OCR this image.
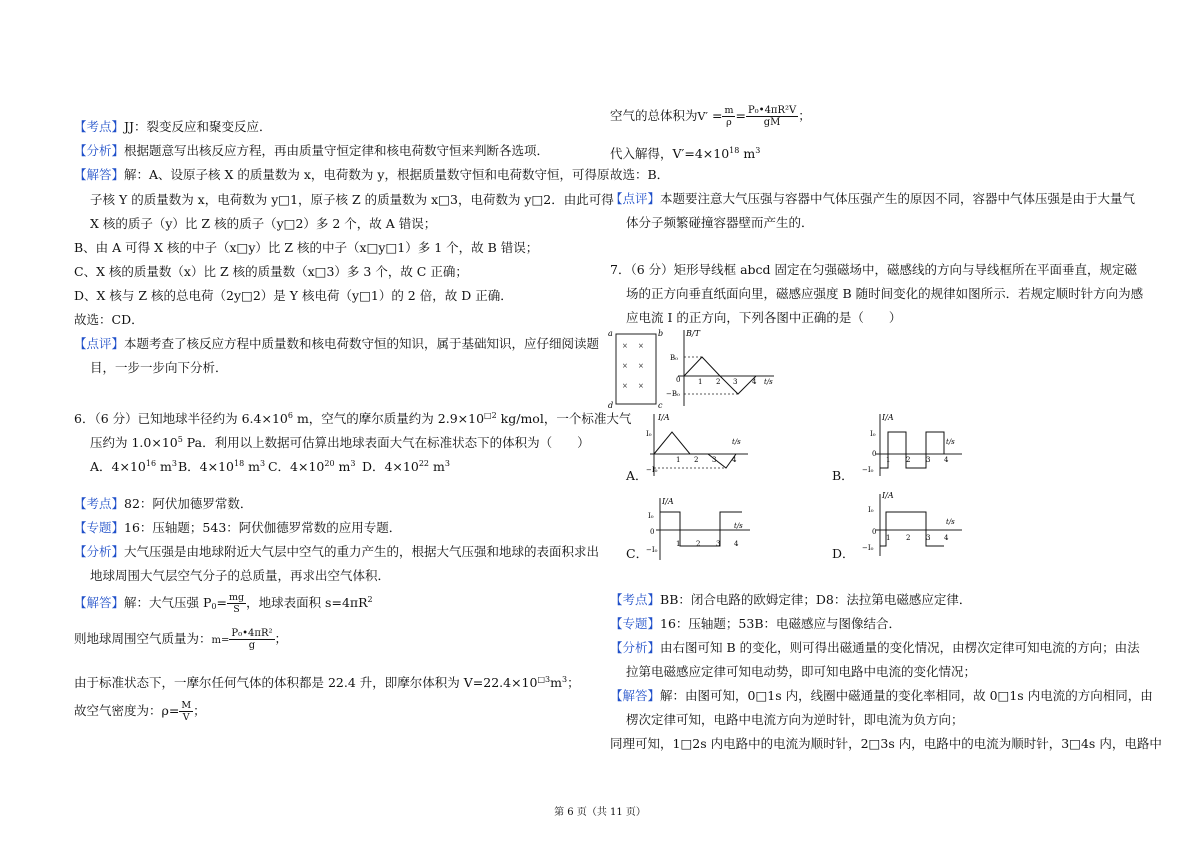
【考点】JJ：裂变反应和聚变反应．
【分析】根据题意写出核反应方程，再由质量守恒定律和核电荷数守恒来判断各选项．
【解答】解：A、设原子核 X 的质量数为 x，电荷数为 y，根据质量数守恒和电荷数守恒，可得原
子核 Y 的质量数为 x，电荷数为 y□1，原子核 Z 的质量数为 x□3，电荷数为 y□2．由此可得
X 核的质子（y）比 Z 核的质子（y□2）多 2 个，故 A 错误；
B、由 A 可得 X 核的中子（x□y）比 Z 核的中子（x□y□1）多 1 个，故 B 错误；
C、X 核的质量数（x）比 Z 核的质量数（x□3）多 3 个，故 C 正确；
D、X 核与 Z 核的总电荷（2y□2）是 Y 核电荷（y□1）的 2 倍，故 D 正确．
故选：CD．
【点评】本题考查了核反应方程中质量数和核电荷数守恒的知识，属于基础知识，应仔细阅读题
目，一步一步向下分析．
6．（6 分）已知地球半径约为 $6.4\times 10^6$ m，空气的摩尔质量约为 $2.9\times 10^{□2}$ kg/mol，一个标准大气
压约为 $1.0\times 10^5$ Pa．利用以上数据可估算出地球表面大气在标准状态下的体积为（　　）
A．$4\times 10^{16}$ $m^3$ B．$4\times 10^{18}$ $m^3$ C．$4\times 10^{20}$ $m^3$ D．$4\times 10^{22}$ $m^3$
【考点】82：阿伏加德罗常数．
【专题】16：压轴题；543：阿伏伽德罗常数的应用专题．
【分析】大气压强是由地球附近大气层中空气的重力产生的，根据大气压强和地球的表面积求出
地球周围大气层空气分子的总质量，再求出空气体积．
【解答】解：大气压强 $P0= \frac{mg}{S}$ ，地球表面积 $s=4\pi R^2$
则地球周围空气质量为：$m= \frac{\text{P₀•4πR²}}{g}$ ；
由于标准状态下，一摩尔任何气体的体积都是 22.4 升，即摩尔体积为 $V=22.4\times 10^{□3}m^3$；
故空气密度为：$\rho= \frac{M}{V}$ ；
空气的总体积为$V' = \frac{m}{\rho} = \frac{\text{P₀•4πR²V}}{gM}$ ；
代入解得，$V'=4\times 10^{18}$ $m^3$
故选：B．
【点评】本题要注意大气压强与容器中气体压强产生的原因不同，容器中气体压强是由于大量气
体分子频繁碰撞容器壁而产生的．
7．（6 分）矩形导线框 abcd 固定在匀强磁场中，磁感线的方向与导线框所在平面垂直，规定磁
场的正方向垂直纸面向里，磁感应强度 B 随时间变化的规律如图所示．若规定顺时针方向为感
应电流 I 的正方向，下列各图中正确的是（　　）
a	b
c
d
× ×
× ×
× ×
B/T
B₀
0
−B₀
t/s
1 2 3 4
I/A
t/s
I₀
−I₀
1 2 3 4
A．
I/A
t/s
I₀
0
−I₀
1 2 3 4
B．
I/A
t/s
I₀
0
−I₀
1 2 3 4
C．
I/A
t/s
I₀
0
−I₀
1 2 3 4
D．
【考点】BB：闭合电路的欧姆定律；D8：法拉第电磁感应定律．
【专题】16：压轴题；53B：电磁感应与图像结合．
【分析】由右图可知 B 的变化，则可得出磁通量的变化情况，由楞次定律可知电流的方向；由法
拉第电磁感应定律可知电动势，即可知电路中电流的变化情况；
【解答】解：由图可知，0□1s 内，线圈中磁通量的变化率相同，故 0□1s 内电流的方向相同，由
楞次定律可知，电路中电流方向为逆时针，即电流为负方向；
同理可知，1□2s 内电路中的电流为顺时针，2□3s 内，电路中的电流为顺时针，3□4s 内，电路中
第 6 页（共 11 页）
